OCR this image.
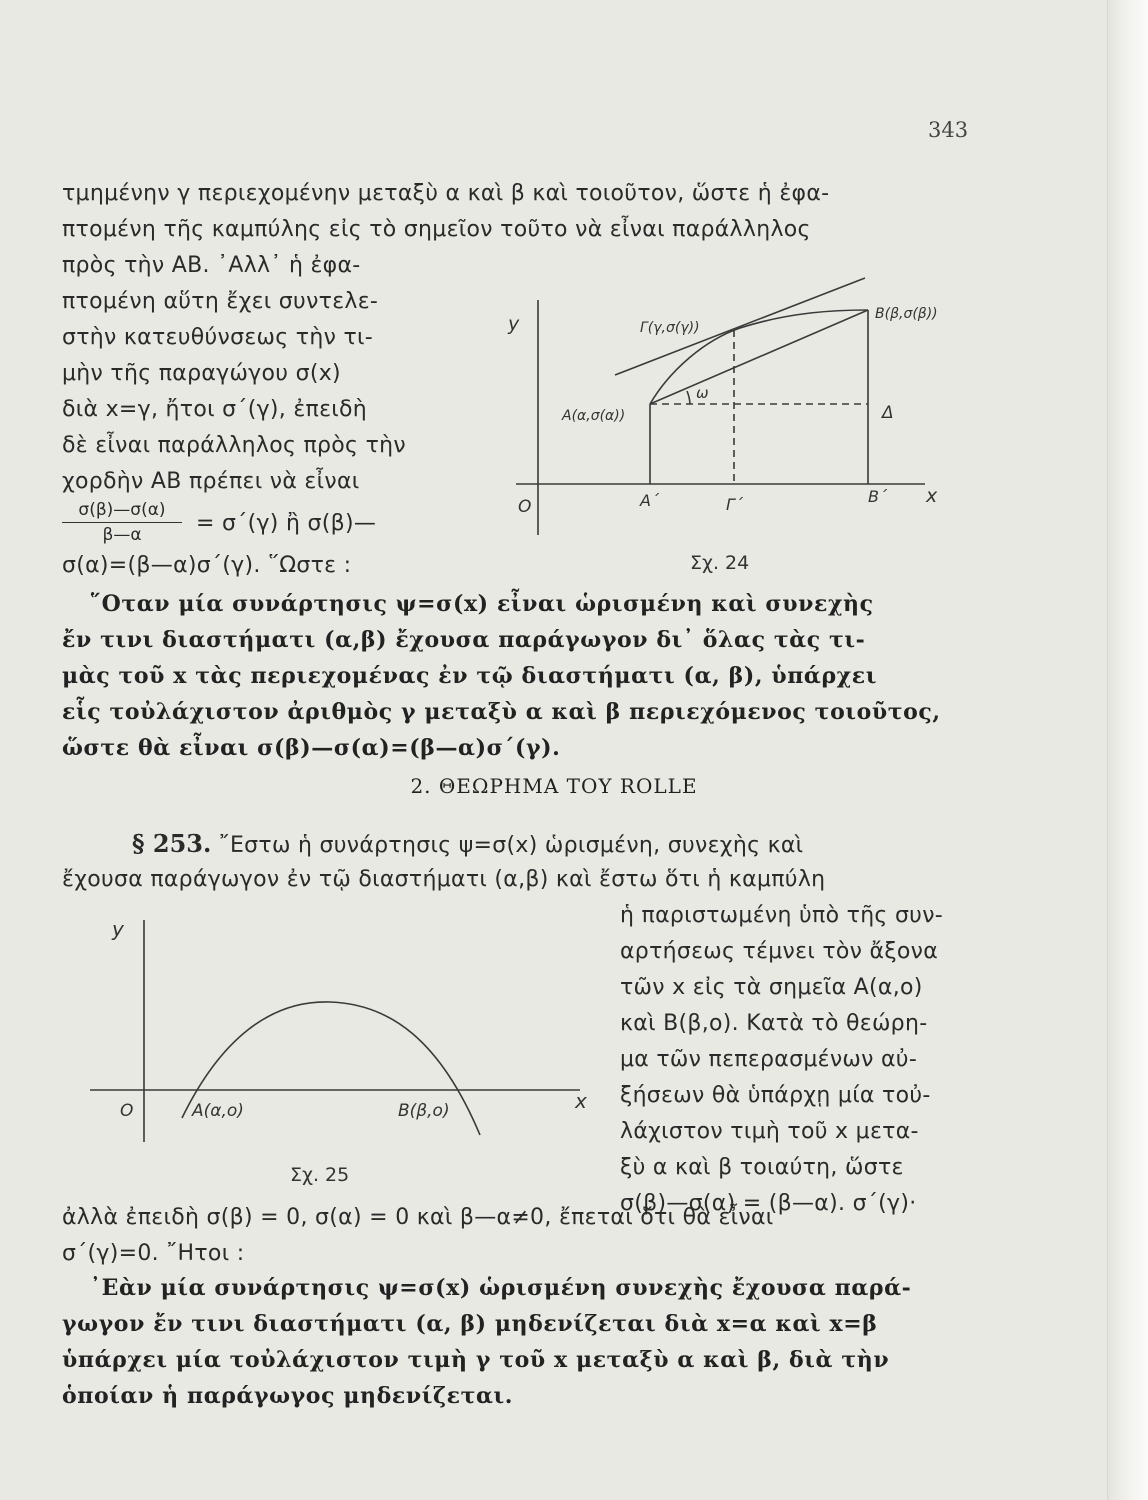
343
τμημένην γ περιεχομένην μεταξὺ α καὶ β καὶ τοιοῦτον, ὥστε ἡ ἐφα-
πτομένη τῆς καμπύλης εἰς τὸ σημεῖον τοῦτο νὰ εἶναι παράλληλος
πρὸς τὴν AB. ᾿Αλλ᾿ ἡ ἐφα-
πτομένη αὕτη ἔχει συντελε-
στὴν κατευθύνσεως τὴν τι-
μὴν τῆς παραγώγου σ(x)
διὰ x=γ, ἤτοι σ΄(γ), ἐπειδὴ
δὲ εἶναι παράλληλος πρὸς τὴν
χορδὴν AB πρέπει νὰ εἶναι
$\frac{\sigma(\beta)—\sigma(\alpha)}{\beta—\alpha} = \sigma΄(\gamma)$ ἢ σ(β)—
σ(α)=(β—α)σ΄(γ). ῞Ωστε :
y
x
O
A(α,σ(α))
B(β,σ(β))
Γ(γ,σ(γ))
ω
Δ
A΄	Γ΄	B΄
Σχ. 24
῞Οταν μία συνάρτησις ψ=σ(x) εἶναι ὡρισμένη καὶ συνεχὴς
ἔν τινι διαστήματι (α,β) ἔχουσα παράγωγον δι᾿ ὅλας τὰς τι-
μὰς τοῦ x τὰς περιεχομένας ἐν τῷ διαστήματι (α, β), ὑπάρχει
εἷς τοὐλάχιστον ἀριθμὸς γ μεταξὺ α καὶ β περιεχόμενος τοιοῦτος,
ὥστε θὰ εἶναι σ(β)—σ(α)=(β—α)σ΄(γ).
2. ΘΕΩΡΗΜΑ ΤΟΥ ROLLE
§ 253. ῎Εστω ἡ συνάρτησις ψ=σ(x) ὡρισμένη, συνεχὴς καὶ
ἔχουσα παράγωγον ἐν τῷ διαστήματι (α,β) καὶ ἔστω ὅτι ἡ καμπύλη
ἡ παριστωμένη ὑπὸ τῆς συν-
αρτήσεως τέμνει τὸν ἄξονα
τῶν x εἰς τὰ σημεῖα A(α,ο)
καὶ B(β,ο). Κατὰ τὸ θεώρη-
μα τῶν πεπερασμένων αὐ-
ξήσεων θὰ ὑπάρχῃ μία τοὐ-
λάχιστον τιμὴ τοῦ x μετα-
ξὺ α καὶ β τοιαύτη, ὥστε
σ(β)—σ(α) = (β—α). σ΄(γ)·
y
x
O	A(α,ο)	B(β,ο)
Σχ. 25
ἀλλὰ ἐπειδὴ σ(β) = 0, σ(α) = 0 καὶ β—α≠0, ἔπεται ὅτι θὰ εἶναι
σ΄(γ)=0. ῎Ητοι :
᾿Εὰν μία συνάρτησις ψ=σ(x) ὡρισμένη συνεχὴς ἔχουσα παρά-
γωγον ἔν τινι διαστήματι (α, β) μηδενίζεται διὰ x=α καὶ x=β
ὑπάρχει μία τοὐλάχιστον τιμὴ γ τοῦ x μεταξὺ α καὶ β, διὰ τὴν
ὁποίαν ἡ παράγωγος μηδενίζεται.
